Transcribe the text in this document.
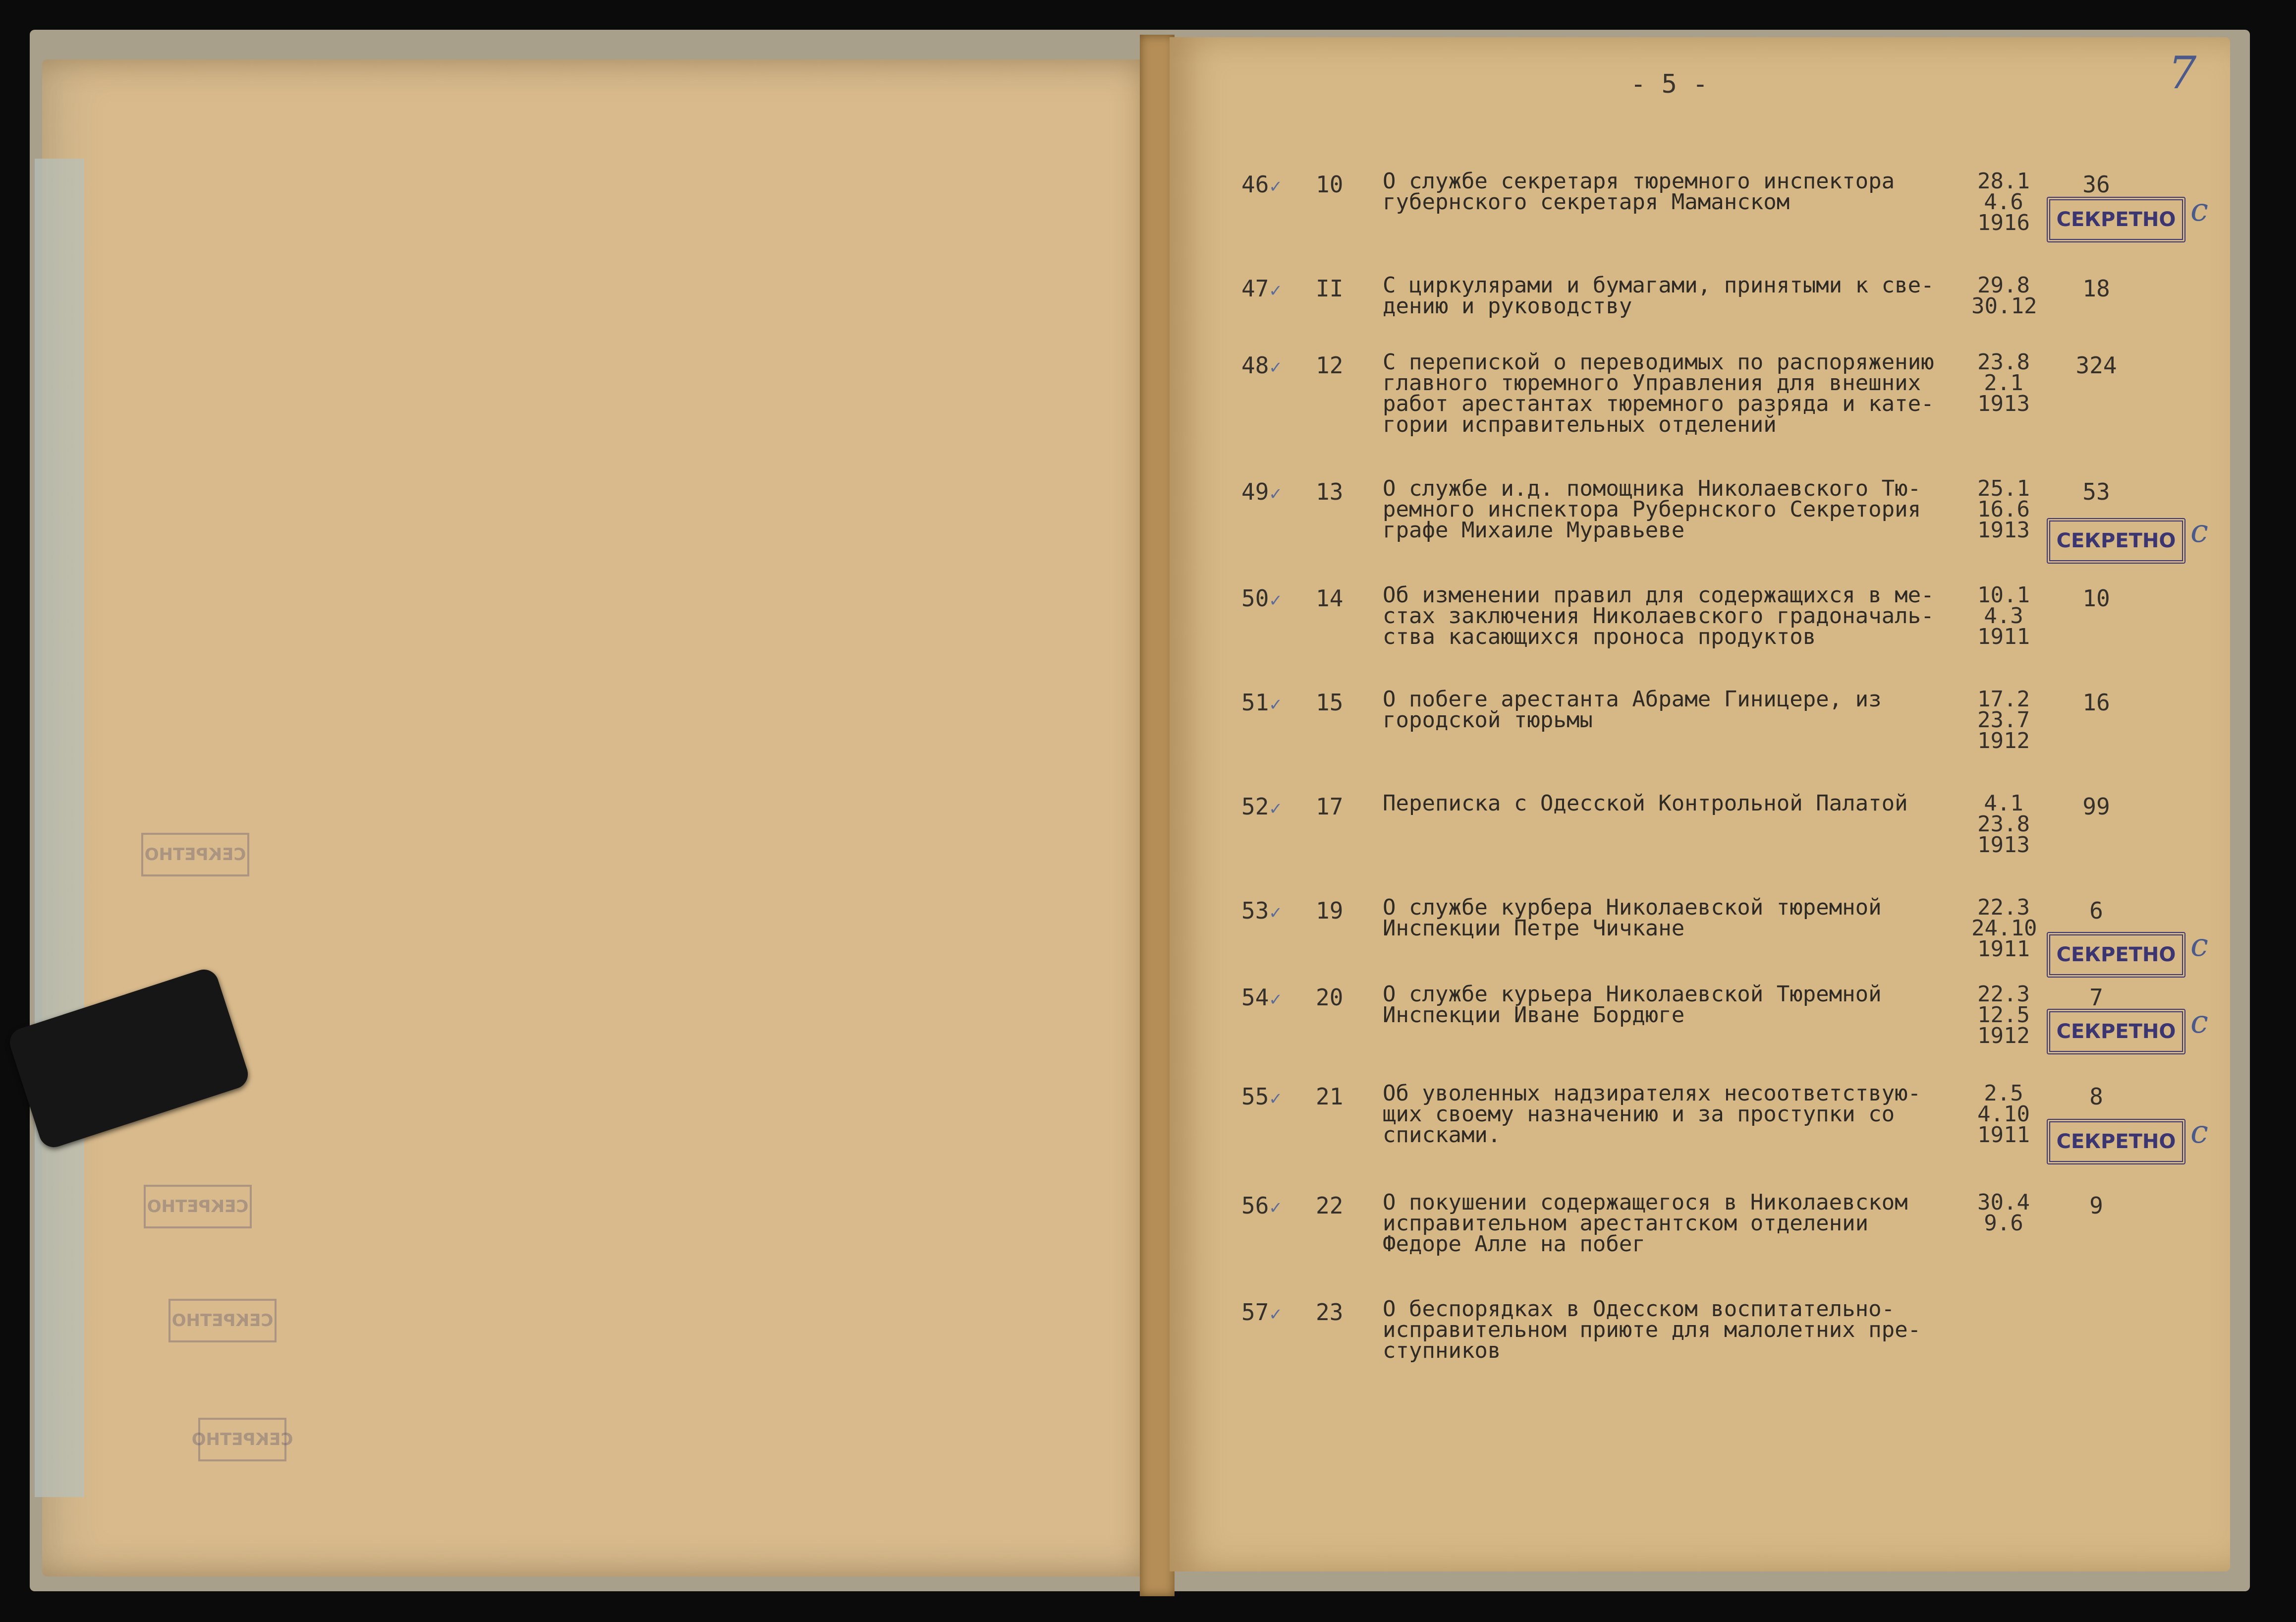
СЕКРЕТНО
СЕКРЕТНО
СЕКРЕТНО
СЕКРЕТНО
- 5 -	7
46✓ 10 О службе секретаря тюремного инспектора
губернского секретаря Маманском
28.1
4.6
1916
36
СЕКРЕТНО с
47✓ II С циркулярами и бумагами, принятыми к све-
дению и руководству
29.8
30.12
18
48✓ 12 С перепиской о переводимых по распоряжению
главного тюремного Управления для внешних
работ арестантах тюремного разряда и кате-
гории исправительных отделений
23.8
2.1
1913
324
49✓ 13 О службе и.д. помощника Николаевского Тю-
ремного инспектора Рубернского Секретория
графе Михаиле Муравьеве
25.1
16.6
1913
53
СЕКРЕТНО с
50✓ 14 Об изменении правил для содержащихся в ме-
стах заключения Николаевского градоначаль-
ства касающихся проноса продуктов
10.1
4.3
1911
10
51✓ 15 О побеге арестанта Абраме Гиницере, из
городской тюрьмы
17.2
23.7
1912
16
52✓ 17 Переписка с Одесской Контрольной Палатой	4.1
23.8
1913
99
53✓ 19 О службе курбера Николаевской тюремной
Инспекции Петре Чичкане
22.3
24.10
1911
6
СЕКРЕТНО с
54✓ 20 О службе курьера Николаевской Тюремной
Инспекции Иване Бордюге
22.3
12.5
1912
7
СЕКРЕТНО с
55✓ 21 Об уволенных надзирателях несоответствую-
щих своему назначению и за проступки со
списками.
2.5
4.10
1911
8
СЕКРЕТНО с
56✓ 22 О покушении содержащегося в Николаевском
исправительном арестантском отделении
Федоре Алле на побег
30.4
9.6
9
57✓ 23 О беспорядках в Одесском воспитательно-
исправительном приюте для малолетних пре-
ступников
